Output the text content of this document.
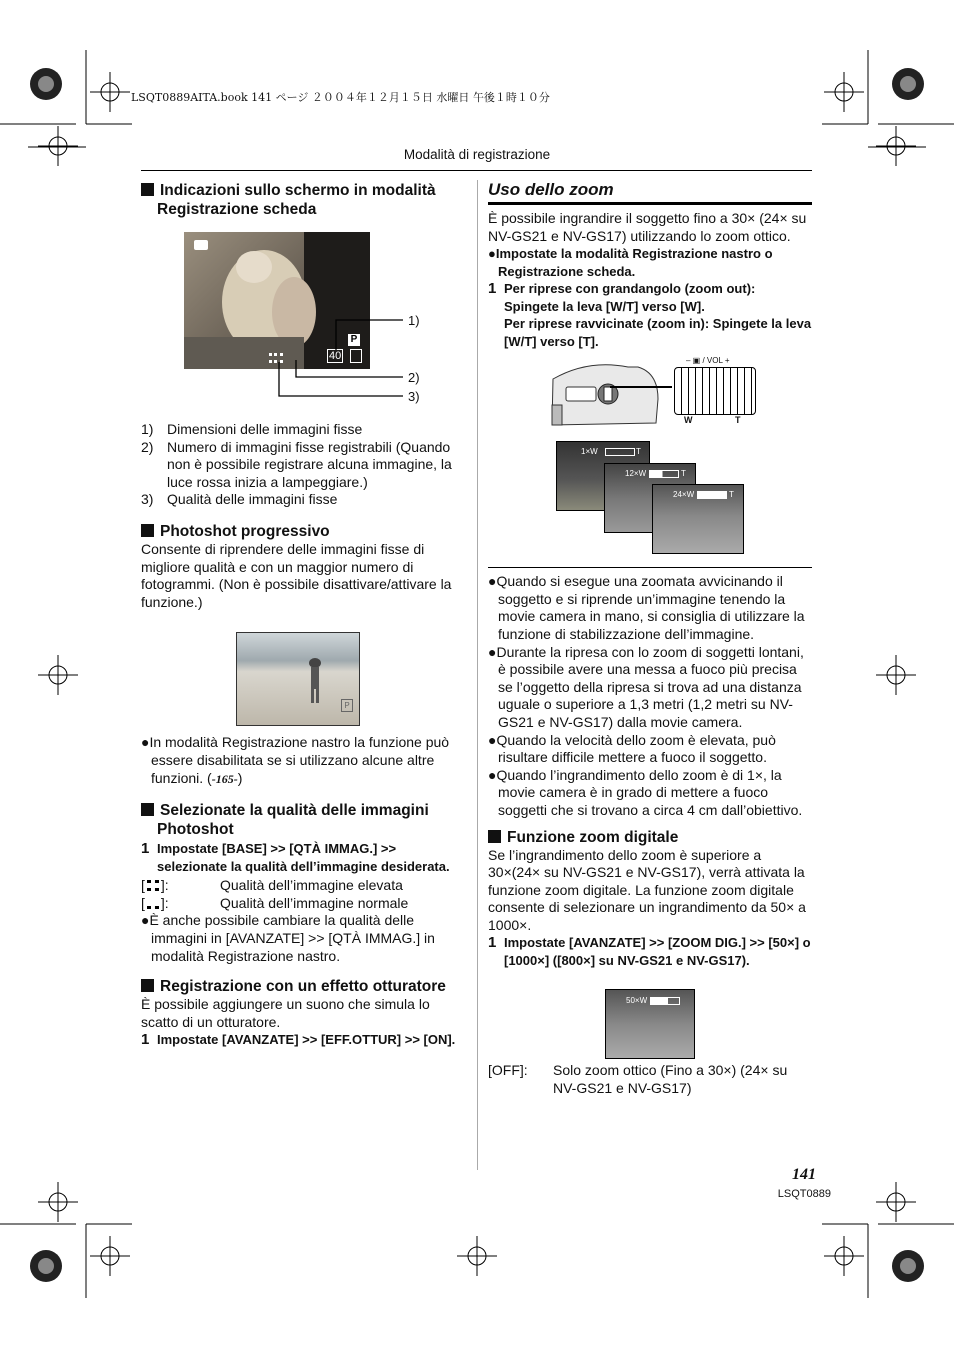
LSQT0889AITA.book 141 ページ ２００４年１２月１５日 水曜日 午後１時１０分
Modalità di registrazione
Indicazioni sullo schermo in modalità Registrazione scheda
P
40
1)
2)
3)
1) Dimensioni delle immagini fisse
2) Numero di immagini fisse registrabili (Quando non è possibile registrare alcuna immagine, la luce rossa inizia a lampeggiare.)
3) Qualità delle immagini fisse
Photoshot progressivo
Consente di riprendere delle immagini fisse di migliore qualità e con un maggior numero di fotogrammi. (Non è possibile disattivare/attivare la funzione.)
P
●In modalità Registrazione nastro la funzione può essere disabilitata se si utilizzano alcune altre funzioni. (-165-)
Selezionate la qualità delle immagini Photoshot
1 Impostate [BASE] >> [QTÀ IMMAG.] >> selezionate la qualità dell’immagine desiderata.
[ ]:	Qualità dell’immagine elevata
[ ]:	Qualità dell’immagine normale
●È anche possibile cambiare la qualità delle immagini in [AVANZATE] >> [QTÀ IMMAG.] in modalità Registrazione nastro.
Registrazione con un effetto otturatore
È possibile aggiungere un suono che simula lo scatto di un otturatore.
1 Impostate [AVANZATE] >> [EFF.OTTUR] >> [ON].
Uso dello zoom
È possibile ingrandire il soggetto fino a 30× (24× su NV-GS21 e NV-GS17) utilizzando lo zoom ottico.
●Impostate la modalità Registrazione nastro o Registrazione scheda.
1 Per riprese con grandangolo (zoom out): Spingete la leva [W/T] verso [W].
Per riprese ravvicinate (zoom in): Spingete la leva [W/T] verso [T].
– ▣ / VOL +
W	T
1×W	T
12×W	T
24×W	T
●Quando si esegue una zoomata avvicinando il soggetto e si riprende un’immagine tenendo la movie camera in mano, si consiglia di utilizzare la funzione di stabilizzazione dell’immagine.
●Durante la ripresa con lo zoom di soggetti lontani, è possibile avere una messa a fuoco più precisa se l’oggetto della ripresa si trova ad una distanza uguale o superiore a 1,3 metri (1,2 metri su NV-GS21 e NV-GS17) dalla movie camera.
●Quando la velocità dello zoom è elevata, può risultare difficile mettere a fuoco il soggetto.
●Quando l’ingrandimento dello zoom è di 1×, la movie camera è in grado di mettere a fuoco soggetti che si trovano a circa 4 cm dall’obiettivo.
Funzione zoom digitale
Se l’ingrandimento dello zoom è superiore a 30×(24× su NV-GS21 e NV-GS17), verrà attivata la funzione zoom digitale. La funzione zoom digitale consente di selezionare un ingrandimento da 50× a 1000×.
1 Impostate [AVANZATE] >> [ZOOM DIG.] >> [50×] o [1000×] ([800×] su NV-GS21 e NV-GS17).
50×W
[OFF]:	Solo zoom ottico (Fino a 30×) (24× su NV-GS21 e NV-GS17)
141
LSQT0889
